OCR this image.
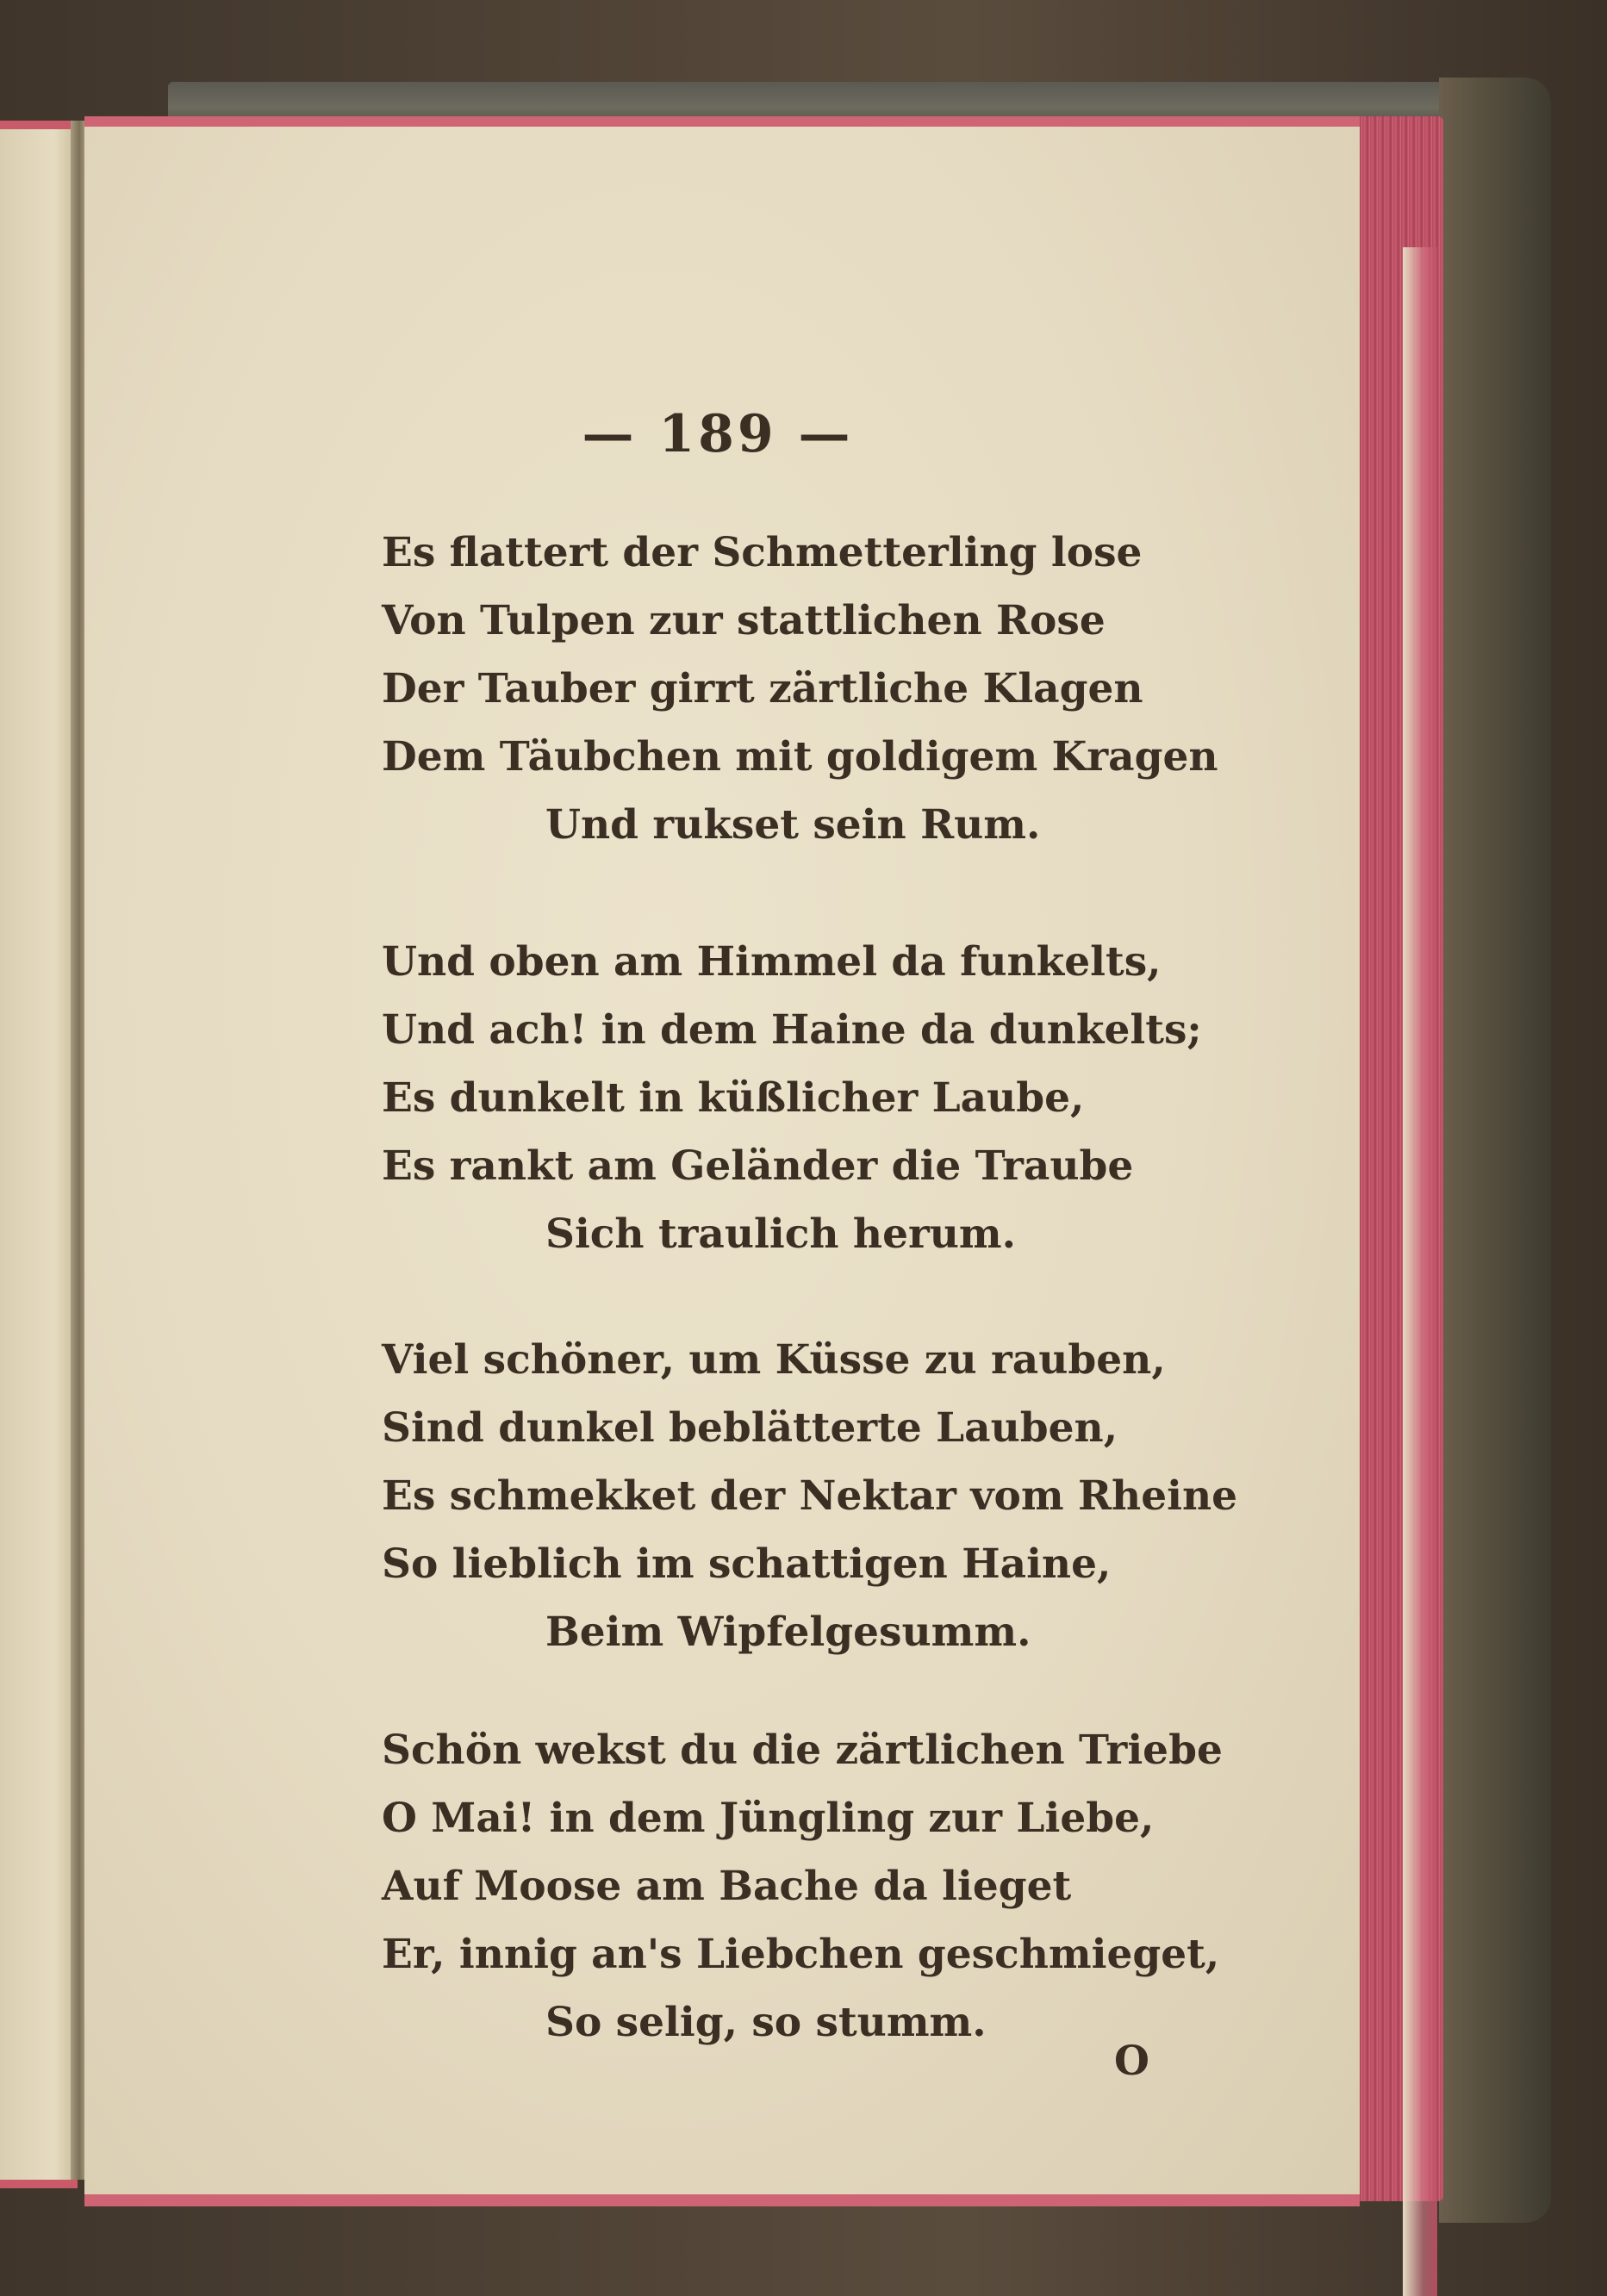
— 189 —
Es flattert der Schmetterling lose
Von Tulpen zur stattlichen Rose
Der Tauber girrt zärtliche Klagen
Dem Täubchen mit goldigem Kragen
Und rukset sein Rum.
Und oben am Himmel da funkelts,
Und ach! in dem Haine da dunkelts;
Es dunkelt in küßlicher Laube,
Es rankt am Geländer die Traube
Sich traulich herum.
Viel schöner, um Küsse zu rauben,
Sind dunkel beblätterte Lauben,
Es schmekket der Nektar vom Rheine
So lieblich im schattigen Haine,
Beim Wipfelgesumm.
Schön wekst du die zärtlichen Triebe
O Mai! in dem Jüngling zur Liebe,
Auf Moose am Bache da lieget
Er, innig an's Liebchen geschmieget,
So selig, so stumm.
O
